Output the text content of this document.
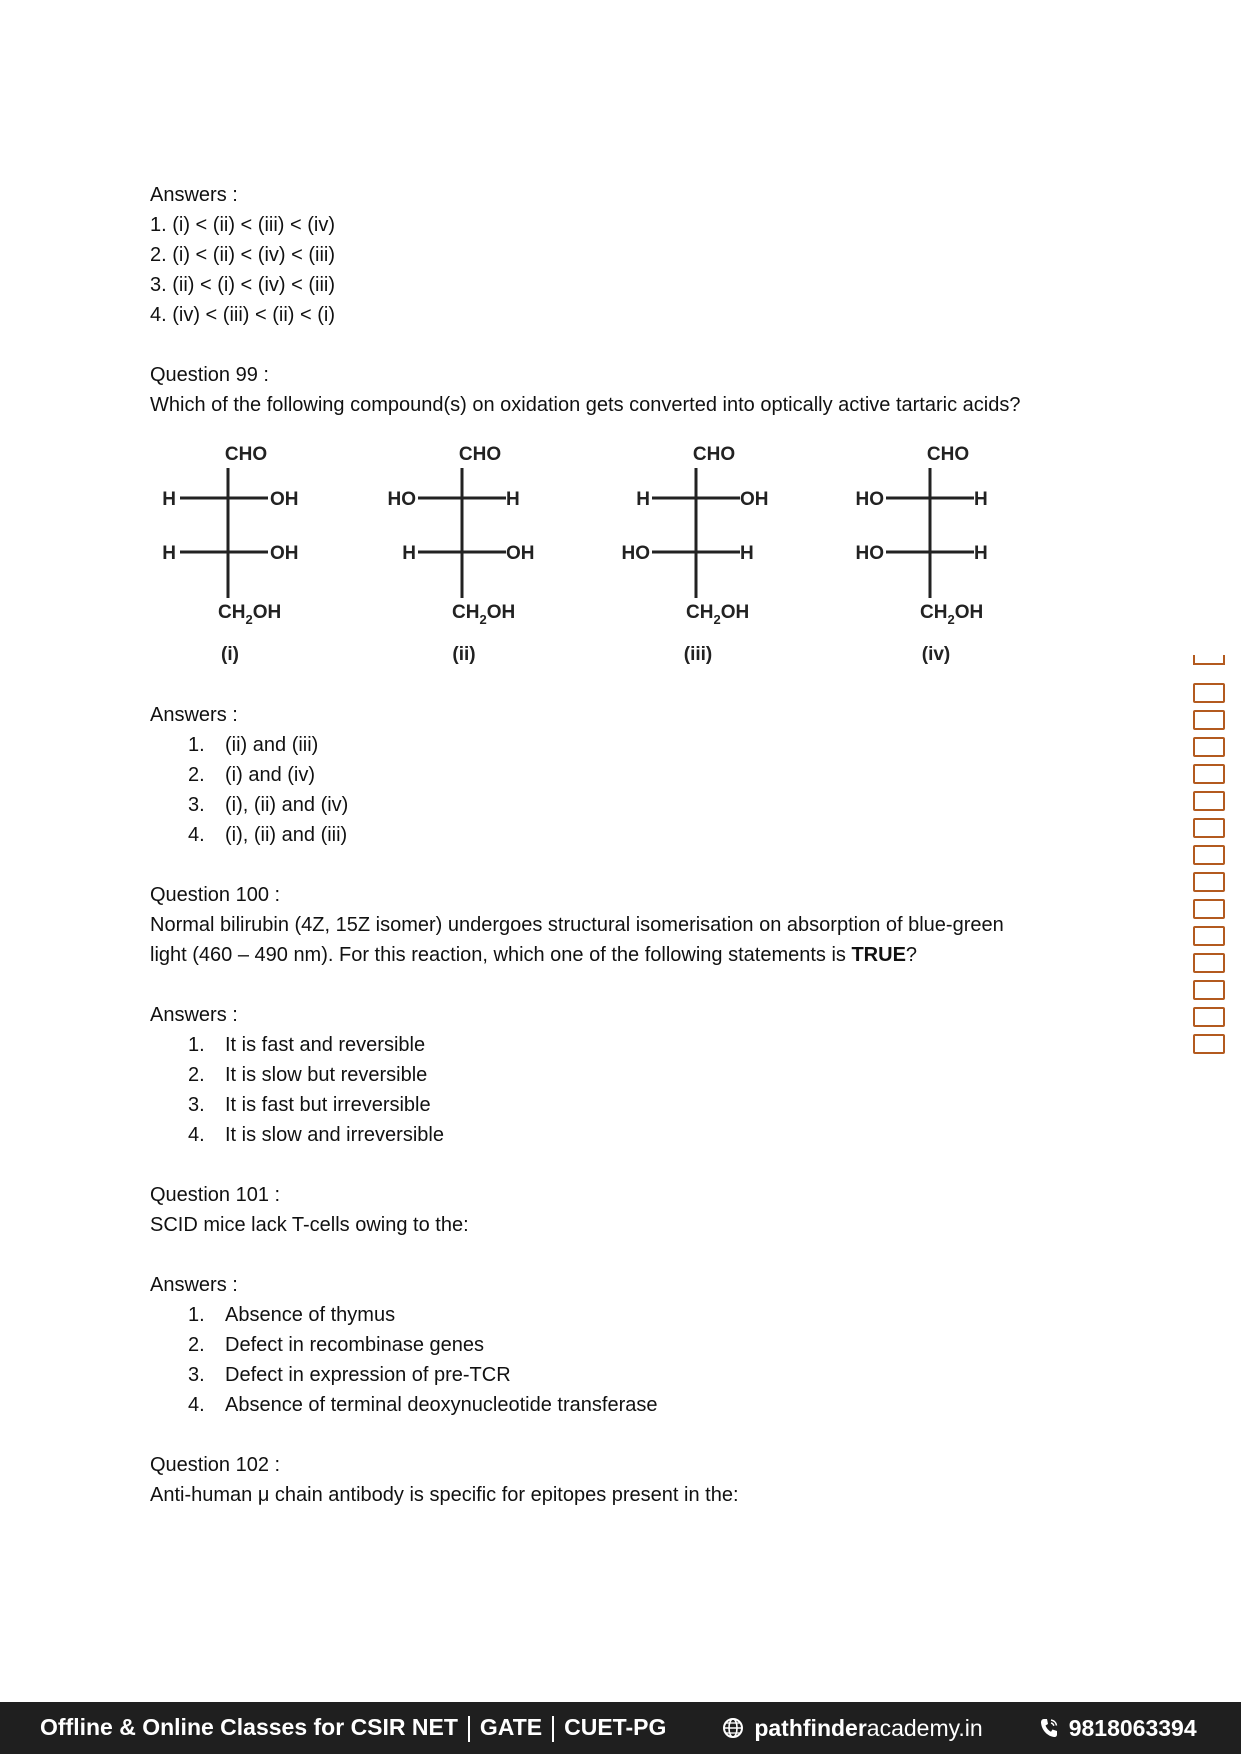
Answers :
1. (i) < (ii) < (iii) < (iv)
2. (i) < (ii) < (iv) < (iii)
3. (ii) < (i) < (iv) < (iii)
4. (iv) < (iii) < (ii) < (i)
Question 99 :
Which of the following compound(s) on oxidation gets converted into optically active tartaric acids?
CHO
H	OH
H	OH
$CH_2OH$
(i)
CHO
HO	H
H	OH
$CH_2OH$
(ii)
CHO
H	OH
HO	H
$CH_2OH$
(iii)
CHO
HO	H
HO	H
$CH_2OH$
(iv)
Answers :
1. (ii) and (iii)
2. (i) and (iv)
3. (i), (ii) and (iv)
4. (i), (ii) and (iii)
Question 100 :
Normal bilirubin (4Z, 15Z isomer) undergoes structural isomerisation on absorption of blue-green
light (460 – 490 nm). For this reaction, which one of the following statements is TRUE?
Answers :
1. It is fast and reversible
2. It is slow but reversible
3. It is fast but irreversible
4. It is slow and irreversible
Question 101 :
SCID mice lack T-cells owing to the:
Answers :
1. Absence of thymus
2. Defect in recombinase genes
3. Defect in expression of pre-TCR
4. Absence of terminal deoxynucleotide transferase
Question 102 :
Anti-human μ chain antibody is specific for epitopes present in the:
Offline & Online Classes for CSIR NET GATE CUET-PG	pathfinder academy.in	9818063394
